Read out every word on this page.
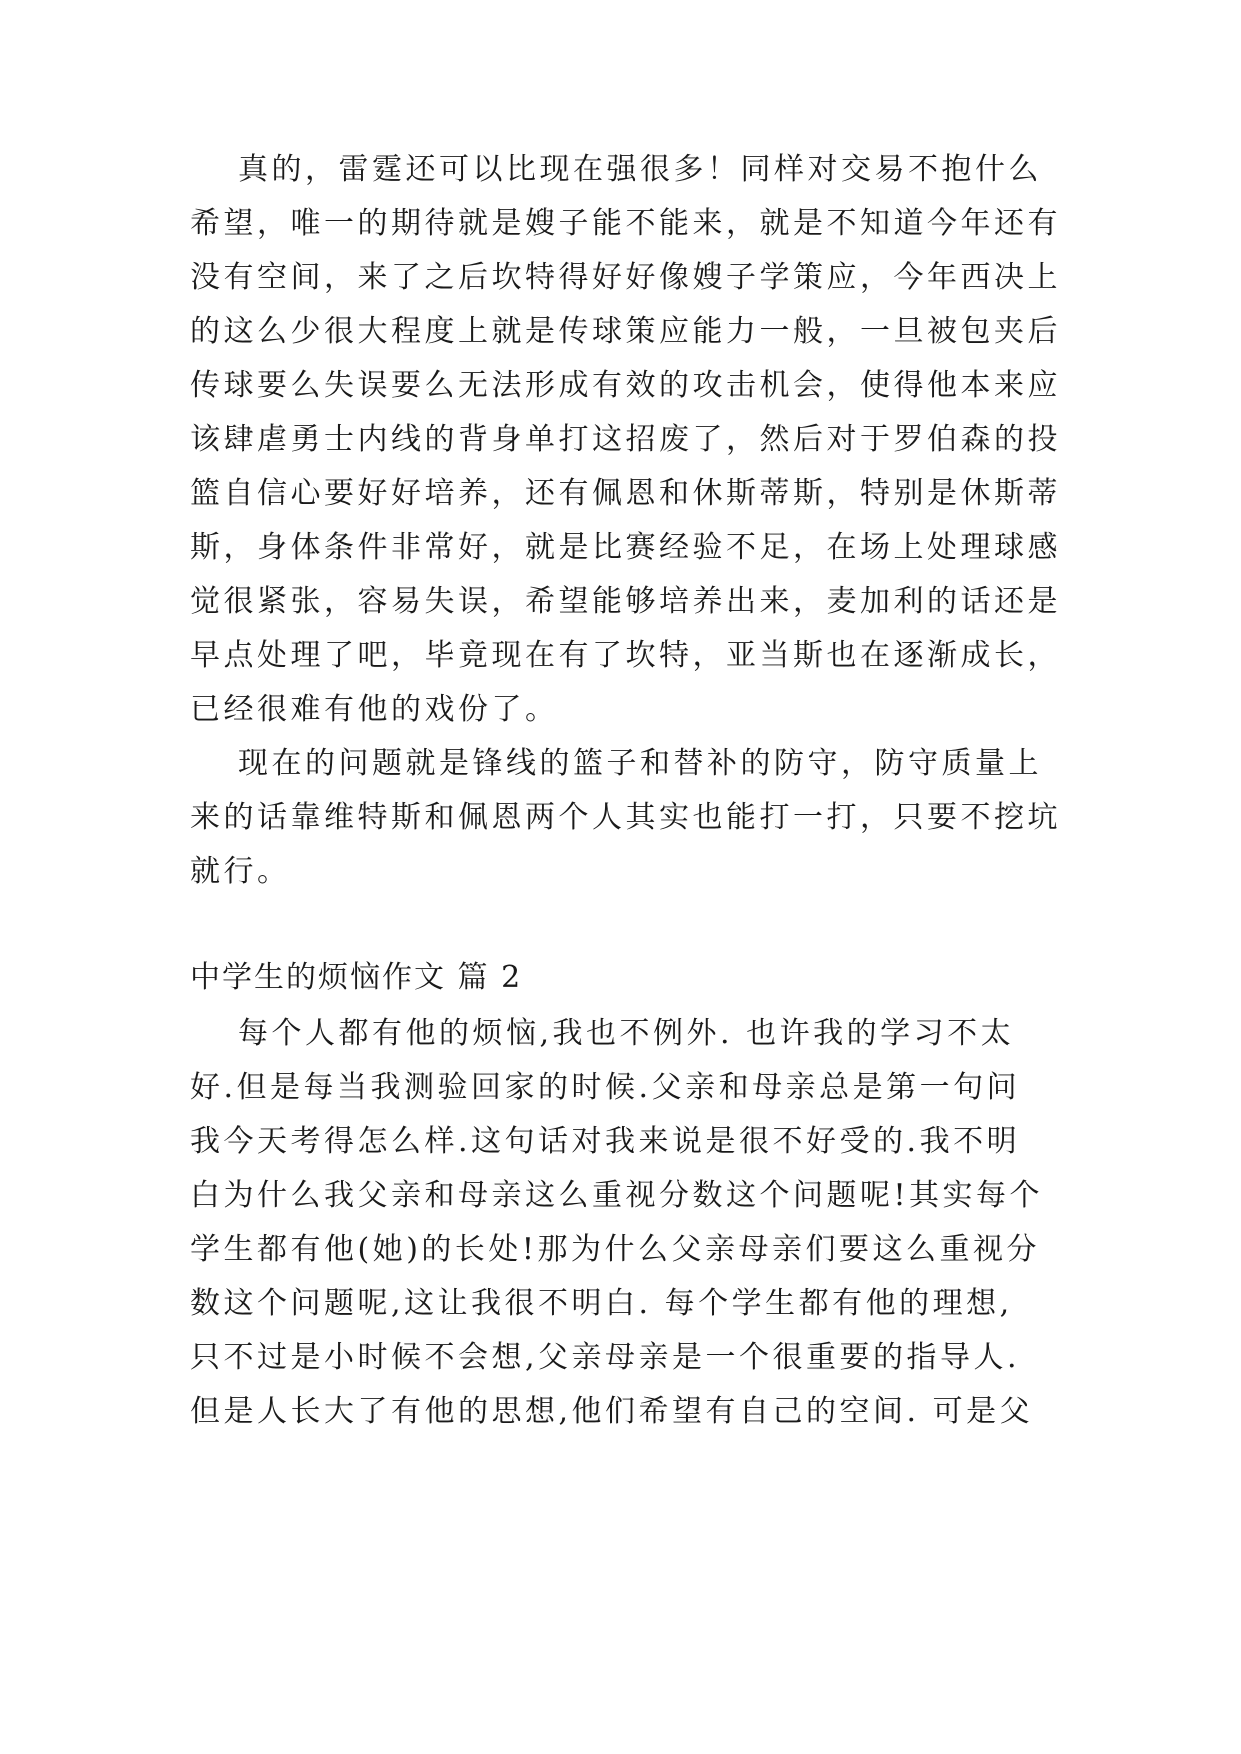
真的，雷霆还可以比现在强很多！同样对交易不抱什么
希望，唯一的期待就是嫂子能不能来，就是不知道今年还有
没有空间，来了之后坎特得好好像嫂子学策应，今年西决上
的这么少很大程度上就是传球策应能力一般，一旦被包夹后
传球要么失误要么无法形成有效的攻击机会，使得他本来应
该肆虐勇士内线的背身单打这招废了，然后对于罗伯森的投
篮自信心要好好培养，还有佩恩和休斯蒂斯，特别是休斯蒂
斯，身体条件非常好，就是比赛经验不足，在场上处理球感
觉很紧张，容易失误，希望能够培养出来，麦加利的话还是
早点处理了吧，毕竟现在有了坎特，亚当斯也在逐渐成长，
已经很难有他的戏份了。
现在的问题就是锋线的篮子和替补的防守，防守质量上
来的话靠维特斯和佩恩两个人其实也能打一打，只要不挖坑
就行。
中学生的烦恼作文 篇 2
每个人都有他的烦恼,我也不例外. 也许我的学习不太
好.但是每当我测验回家的时候.父亲和母亲总是第一句问
我今天考得怎么样.这句话对我来说是很不好受的.我不明
白为什么我父亲和母亲这么重视分数这个问题呢!其实每个
学生都有他(她)的长处!那为什么父亲母亲们要这么重视分
数这个问题呢,这让我很不明白. 每个学生都有他的理想,
只不过是小时候不会想,父亲母亲是一个很重要的指导人.
但是人长大了有他的思想,他们希望有自己的空间. 可是父
